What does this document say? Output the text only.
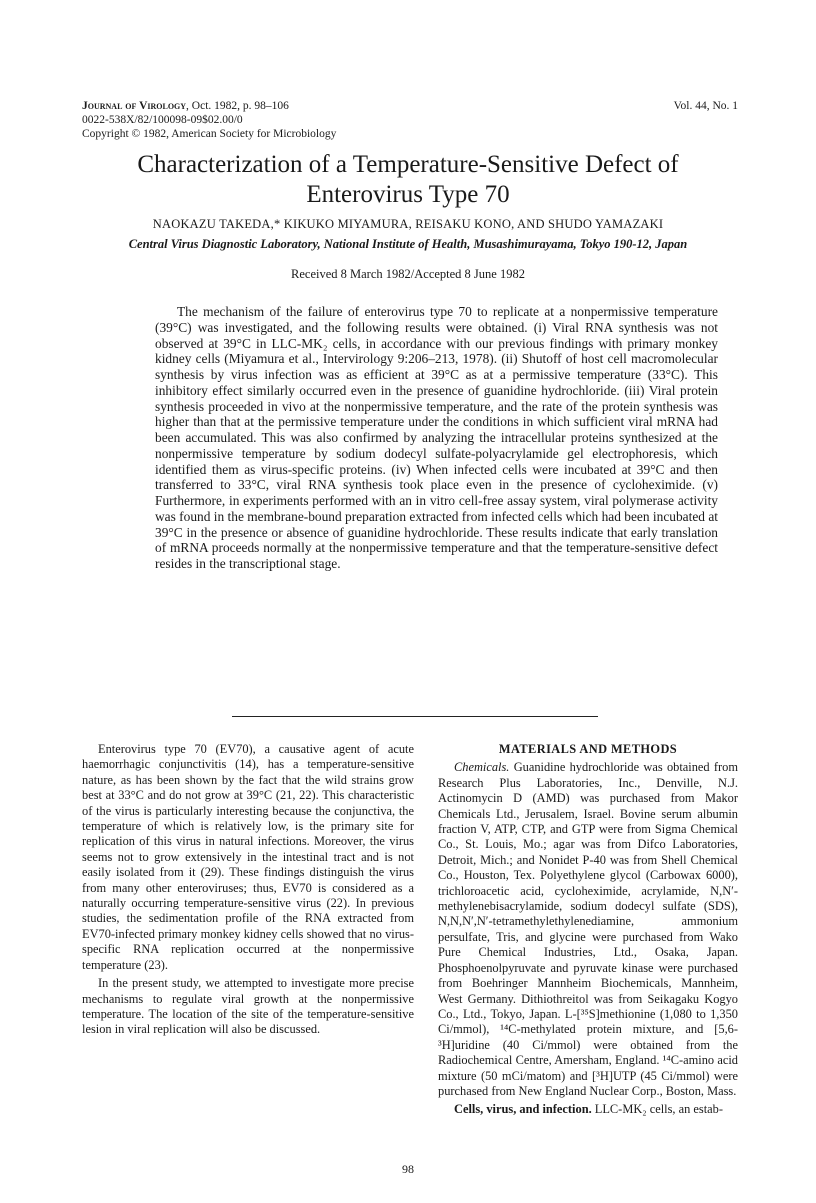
Journal of Virology, Oct. 1982, p. 98–106
0022-538X/82/100098-09$02.00/0
Copyright © 1982, American Society for Microbiology
Vol. 44, No. 1
Characterization of a Temperature-Sensitive Defect of
Enterovirus Type 70
NAOKAZU TAKEDA,* KIKUKO MIYAMURA, REISAKU KONO, AND SHUDO YAMAZAKI
Central Virus Diagnostic Laboratory, National Institute of Health, Musashimurayama, Tokyo 190-12, Japan
Received 8 March 1982/Accepted 8 June 1982

The mechanism of the failure of enterovirus type 70 to replicate at a nonpermissive temperature (39°C) was investigated, and the following results were obtained. (i) Viral RNA synthesis was not observed at 39°C in LLC-MK₂ cells, in accordance with our previous findings with primary monkey kidney cells (Miyamura et al., Intervirology 9:206–213, 1978). (ii) Shutoff of host cell macromolecular synthesis by virus infection was as efficient at 39°C as at a permissive temperature (33°C). This inhibitory effect similarly occurred even in the presence of guanidine hydrochloride. (iii) Viral protein synthesis proceeded in vivo at the nonpermissive temperature, and the rate of the protein synthesis was higher than that at the permissive temperature under the conditions in which sufficient viral mRNA had been accumulated. This was also confirmed by analyzing the intracellular proteins synthesized at the nonpermissive temperature by sodium dodecyl sulfate-polyacrylamide gel electrophoresis, which identified them as virus-specific proteins. (iv) When infected cells were incubated at 39°C and then transferred to 33°C, viral RNA synthesis took place even in the presence of cycloheximide. (v) Furthermore, in experiments performed with an in vitro cell-free assay system, viral polymerase activity was found in the membrane-bound preparation extracted from infected cells which had been incubated at 39°C in the presence or absence of guanidine hydrochloride. These results indicate that early translation of mRNA proceeds normally at the nonpermissive temperature and that the temperature-sensitive defect resides in the transcriptional stage.

Enterovirus type 70 (EV70), a causative agent of acute haemorrhagic conjunctivitis (14), has a temperature-sensitive nature, as has been shown by the fact that the wild strains grow best at 33°C and do not grow at 39°C (21, 22). This characteristic of the virus is particularly interesting because the conjunctiva, the temperature of which is relatively low, is the primary site for replication of this virus in natural infections. Moreover, the virus seems not to grow extensively in the intestinal tract and is not easily isolated from it (29). These findings distinguish the virus from many other enteroviruses; thus, EV70 is considered as a naturally occurring temperature-sensitive virus (22). In previous studies, the sedimentation profile of the RNA extracted from EV70-infected primary monkey kidney cells showed that no virus-specific RNA replication occurred at the nonpermissive temperature (23).

In the present study, we attempted to investigate more precise mechanisms to regulate viral growth at the nonpermissive temperature. The location of the site of the temperature-sensitive lesion in viral replication will also be discussed.

MATERIALS AND METHODS

Chemicals. Guanidine hydrochloride was obtained from Research Plus Laboratories, Inc., Denville, N.J. Actinomycin D (AMD) was purchased from Makor Chemicals Ltd., Jerusalem, Israel. Bovine serum albumin fraction V, ATP, CTP, and GTP were from Sigma Chemical Co., St. Louis, Mo.; agar was from Difco Laboratories, Detroit, Mich.; and Nonidet P-40 was from Shell Chemical Co., Houston, Tex. Polyethylene glycol (Carbowax 6000), trichloroacetic acid, cycloheximide, acrylamide, N,N′-methylenebisacrylamide, sodium dodecyl sulfate (SDS), N,N,N′,N′-tetramethylethylenediamine, ammonium persulfate, Tris, and glycine were purchased from Wako Pure Chemical Industries, Ltd., Osaka, Japan. Phosphoenolpyruvate and pyruvate kinase were purchased from Boehringer Mannheim Biochemicals, Mannheim, West Germany. Dithiothreitol was from Seikagaku Kogyo Co., Ltd., Tokyo, Japan. L-[³⁵S]methionine (1,080 to 1,350 Ci/mmol), ¹⁴C-methylated protein mixture, and [5,6-³H]uridine (40 Ci/mmol) were obtained from the Radiochemical Centre, Amersham, England. ¹⁴C-amino acid mixture (50 mCi/matom) and [³H]UTP (45 Ci/mmol) were purchased from New England Nuclear Corp., Boston, Mass.

Cells, virus, and infection. LLC-MK₂ cells, an estab-

98
